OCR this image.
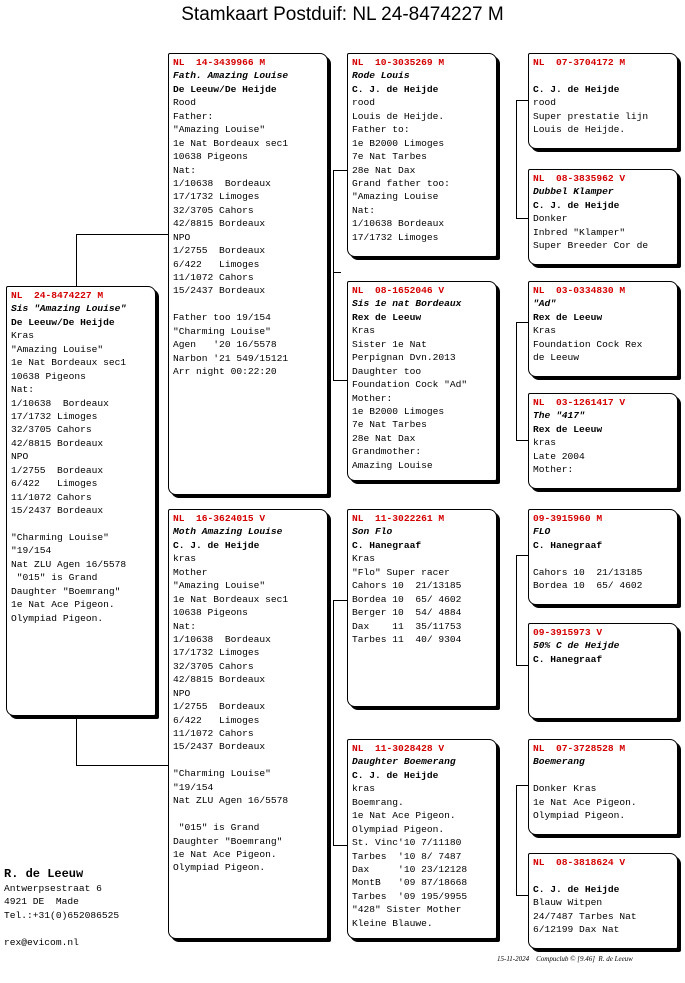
Stamkaart Postduif: NL 24-8474227 M
NL  24-8474227 M
Sis "Amazing Louise"
De Leeuw/De Heijde
Kras
"Amazing Louise"
1e Nat Bordeaux sec1
10638 Pigeons
Nat:
1/10638  Bordeaux
17/1732 Limoges
32/3705 Cahors
42/8815 Bordeaux
NPO
1/2755  Bordeaux
6/422   Limoges
11/1072 Cahors
15/2437 Bordeaux
"Charming Louise"
"19/154
Nat ZLU Agen 16/5578
"015" is Grand
Daughter "Boemrang"
1e Nat Ace Pigeon.
Olympiad Pigeon.
NL  14-3439966 M
Fath. Amazing Louise
De Leeuw/De Heijde
Rood
Father:
"Amazing Louise"
1e Nat Bordeaux sec1
10638 Pigeons
Nat:
1/10638  Bordeaux
17/1732 Limoges
32/3705 Cahors
42/8815 Bordeaux
NPO
1/2755  Bordeaux
6/422   Limoges
11/1072 Cahors
15/2437 Bordeaux
Father too 19/154
"Charming Louise"
Agen   '20 16/5578
Narbon '21 549/15121
Arr night 00:22:20
NL  16-3624015 V
Moth Amazing Louise
C. J. de Heijde
kras
Mother
"Amazing Louise"
1e Nat Bordeaux sec1
10638 Pigeons
Nat:
1/10638  Bordeaux
17/1732 Limoges
32/3705 Cahors
42/8815 Bordeaux
NPO
1/2755  Bordeaux
6/422   Limoges
11/1072 Cahors
15/2437 Bordeaux
"Charming Louise"
"19/154
Nat ZLU Agen 16/5578
"015" is Grand
Daughter "Boemrang"
1e Nat Ace Pigeon.
Olympiad Pigeon.
NL  10-3035269 M
Rode Louis
C. J. de Heijde
rood
Louis de Heijde.
Father to:
1e B2000 Limoges
7e Nat Tarbes
28e Nat Dax
Grand father too:
"Amazing Louise
Nat:
1/10638 Bordeaux
17/1732 Limoges
NL  08-1652046 V
Sis 1e nat Bordeaux
Rex de Leeuw
Kras
Sister 1e Nat
Perpignan Dvn.2013
Daughter too
Foundation Cock "Ad"
Mother:
1e B2000 Limoges
7e Nat Tarbes
28e Nat Dax
Grandmother:
Amazing Louise
NL  11-3022261 M
Son Flo
C. Hanegraaf
Kras
"Flo" Super racer
Cahors 10  21/13185
Bordea 10  65/ 4602
Berger 10  54/ 4884
Dax    11  35/11753
Tarbes 11  40/ 9304
NL  11-3028428 V
Daughter Boemerang
C. J. de Heijde
kras
Boemrang.
1e Nat Ace Pigeon.
Olympiad Pigeon.
St. Vinc'10 7/11180
Tarbes  '10 8/ 7487
Dax     '10 23/12128
MontB   '09 87/18668
Tarbes  '09 195/9955
"428" Sister Mother
Kleine Blauwe.
NL  07-3704172 M
C. J. de Heijde
rood
Super prestatie lijn
Louis de Heijde.
NL  08-3835962 V
Dubbel Klamper
C. J. de Heijde
Donker
Inbred "Klamper"
Super Breeder Cor de
NL  03-0334830 M
"Ad"
Rex de Leeuw
Kras
Foundation Cock Rex
de Leeuw
NL  03-1261417 V
The "417"
Rex de Leeuw
kras
Late 2004
Mother:
09-3915960 M
FLO
C. Hanegraaf
Cahors 10  21/13185
Bordea 10  65/ 4602
09-3915973 V
50% C de Heijde
C. Hanegraaf
NL  07-3728528 M
Boemerang
Donker Kras
1e Nat Ace Pigeon.
Olympiad Pigeon.
NL  08-3818624 V
C. J. de Heijde
Blauw Witpen
24/7487 Tarbes Nat
6/12199 Dax Nat
R. de Leeuw
Antwerpsestraat 6
4921 DE  Made
Tel.:+31(0)652086525
rex@evicom.nl
15-11-2024    Compuclub © [9.46]  R. de Leeuw
